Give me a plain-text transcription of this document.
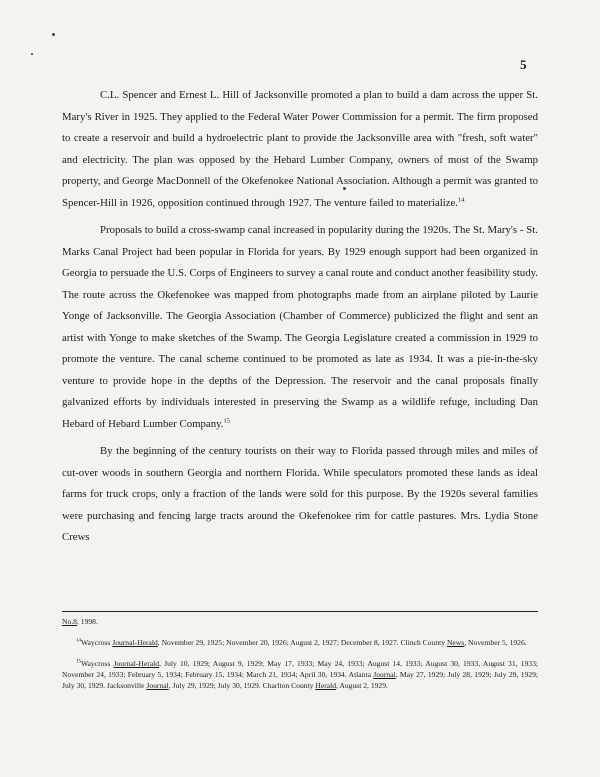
5

C.L. Spencer and Ernest L. Hill of Jacksonville promoted a plan to build a dam across the upper St. Mary's River in 1925. They applied to the Federal Water Power Commission for a permit. The firm proposed to create a reservoir and build a hydroelectric plant to provide the Jacksonville area with "fresh, soft water" and electricity. The plan was opposed by the Hebard Lumber Company, owners of most of the Swamp property, and George MacDonnell of the Okefenokee National Association. Although a permit was granted to Spencer-Hill in 1926, opposition continued through 1927. The venture failed to materialize.$^{14}$

Proposals to build a cross-swamp canal increased in popularity during the 1920s. The St. Mary's - St. Marks Canal Project had been popular in Florida for years. By 1929 enough support had been organized in Georgia to persuade the U.S. Corps of Engineers to survey a canal route and conduct another feasibility study. The route across the Okefenokee was mapped from photographs made from an airplane piloted by Laurie Yonge of Jacksonville. The Georgia Association (Chamber of Commerce) publicized the flight and sent an artist with Yonge to make sketches of the Swamp. The Georgia Legislature created a commission in 1929 to promote the venture. The canal scheme continued to be promoted as late as 1934. It was a pie-in-the-sky venture to provide hope in the depths of the Depression. The reservoir and the canal proposals finally galvanized efforts by individuals interested in preserving the Swamp as a wildlife refuge, including Dan Hebard of Hebard Lumber Company.$^{15}$

By the beginning of the century tourists on their way to Florida passed through miles and miles of cut-over woods in southern Georgia and northern Florida. While speculators promoted these lands as ideal farms for truck crops, only a fraction of the lands were sold for this purpose. By the 1920s several families were purchasing and fencing large tracts around the Okefenokee rim for cattle pastures. Mrs. Lydia Stone Crews

No.8, 1998.

$^{14}$Waycross Journal-Herald, November 29, 1925; November 20, 1926; August 2, 1927; December 8, 1927. Clinch County News, November 5, 1926.

$^{15}$Waycross Journal-Herald, July 10, 1929; August 9, 1929; May 17, 1933; May 24, 1933; August 14, 1933; August 30, 1933, August 31, 1933; November 24, 1933; February 5, 1934; February 15, 1934; March 21, 1934; April 30, 1934. Atlanta Journal, May 27, 1929; July 28, 1929; July 29, 1929; July 30, 1929. Jacksonville Journal, July 29, 1929; July 30, 1929. Charlton County Herald, August 2, 1929.
